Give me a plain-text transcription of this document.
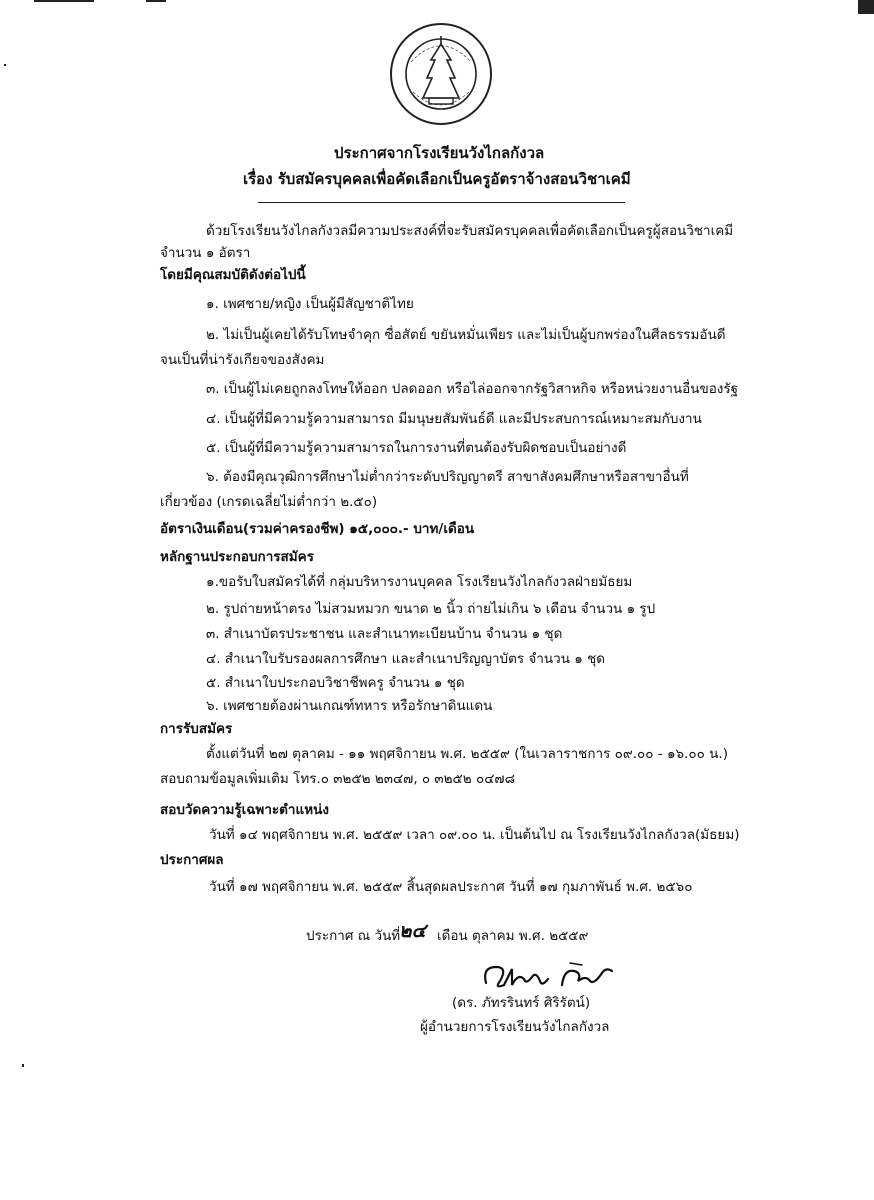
ประกาศจากโรงเรียนวังไกลกังวล
เรื่อง รับสมัครบุคคลเพื่อคัดเลือกเป็นครูอัตราจ้างสอนวิชาเคมี
ด้วยโรงเรียนวังไกลกังวลมีความประสงค์ที่จะรับสมัครบุคคลเพื่อคัดเลือกเป็นครูผู้สอนวิชาเคมี
จำนวน ๑ อัตรา
โดยมีคุณสมบัติดังต่อไปนี้
๑. เพศชาย/หญิง เป็นผู้มีสัญชาติไทย
๒. ไม่เป็นผู้เคยได้รับโทษจำคุก ซื่อสัตย์ ขยันหมั่นเพียร และไม่เป็นผู้บกพร่องในศีลธรรมอันดี
จนเป็นที่น่ารังเกียจของสังคม
๓. เป็นผู้ไม่เคยถูกลงโทษให้ออก ปลดออก หรือไล่ออกจากรัฐวิสาหกิจ หรือหน่วยงานอื่นของรัฐ
๔. เป็นผู้ที่มีความรู้ความสามารถ มีมนุษยสัมพันธ์ดี และมีประสบการณ์เหมาะสมกับงาน
๕. เป็นผู้ที่มีความรู้ความสามารถในการงานที่ตนต้องรับผิดชอบเป็นอย่างดี
๖. ต้องมีคุณวุฒิการศึกษาไม่ต่ำกว่าระดับปริญญาตรี สาขาสังคมศึกษาหรือสาขาอื่นที่
เกี่ยวข้อง (เกรดเฉลี่ยไม่ต่ำกว่า ๒.๕๐)
อัตราเงินเดือน(รวมค่าครองชีพ) ๑๕,๐๐๐.- บาท/เดือน
หลักฐานประกอบการสมัคร
๑.ขอรับใบสมัครได้ที่ กลุ่มบริหารงานบุคคล โรงเรียนวังไกลกังวลฝ่ายมัธยม
๒. รูปถ่ายหน้าตรง ไม่สวมหมวก ขนาด ๒ นิ้ว ถ่ายไม่เกิน ๖ เดือน จำนวน ๑ รูป
๓. สำเนาบัตรประชาชน และสำเนาทะเบียนบ้าน จำนวน ๑ ชุด
๔. สำเนาใบรับรองผลการศึกษา และสำเนาปริญญาบัตร จำนวน ๑ ชุด
๕. สำเนาใบประกอบวิชาชีพครู จำนวน ๑ ชุด
๖. เพศชายต้องผ่านเกณฑ์ทหาร หรือรักษาดินแดน
การรับสมัคร
ตั้งแต่วันที่ ๒๗ ตุลาคม - ๑๑ พฤศจิกายน พ.ศ. ๒๕๕๙ (ในเวลาราชการ ๐๙.๐๐ - ๑๖.๐๐ น.)
สอบถามข้อมูลเพิ่มเติม โทร.๐ ๓๒๕๒ ๒๓๔๗, ๐ ๓๒๕๒ ๐๔๗๘
สอบวัดความรู้เฉพาะตำแหน่ง
วันที่ ๑๔ พฤศจิกายน พ.ศ. ๒๕๕๙ เวลา ๐๙.๐๐ น. เป็นต้นไป ณ โรงเรียนวังไกลกังวล(มัธยม)
ประกาศผล
วันที่ ๑๗ พฤศจิกายน พ.ศ. ๒๕๕๙ สิ้นสุดผลประกาศ วันที่ ๑๗ กุมภาพันธ์ พ.ศ. ๒๕๖๐
ประกาศ ณ วันที่
๒๔ เดือน ตุลาคม พ.ศ. ๒๕๕๙
(ดร. ภัทรรินทร์ ศิริรัตน์)
ผู้อำนวยการโรงเรียนวังไกลกังวล
